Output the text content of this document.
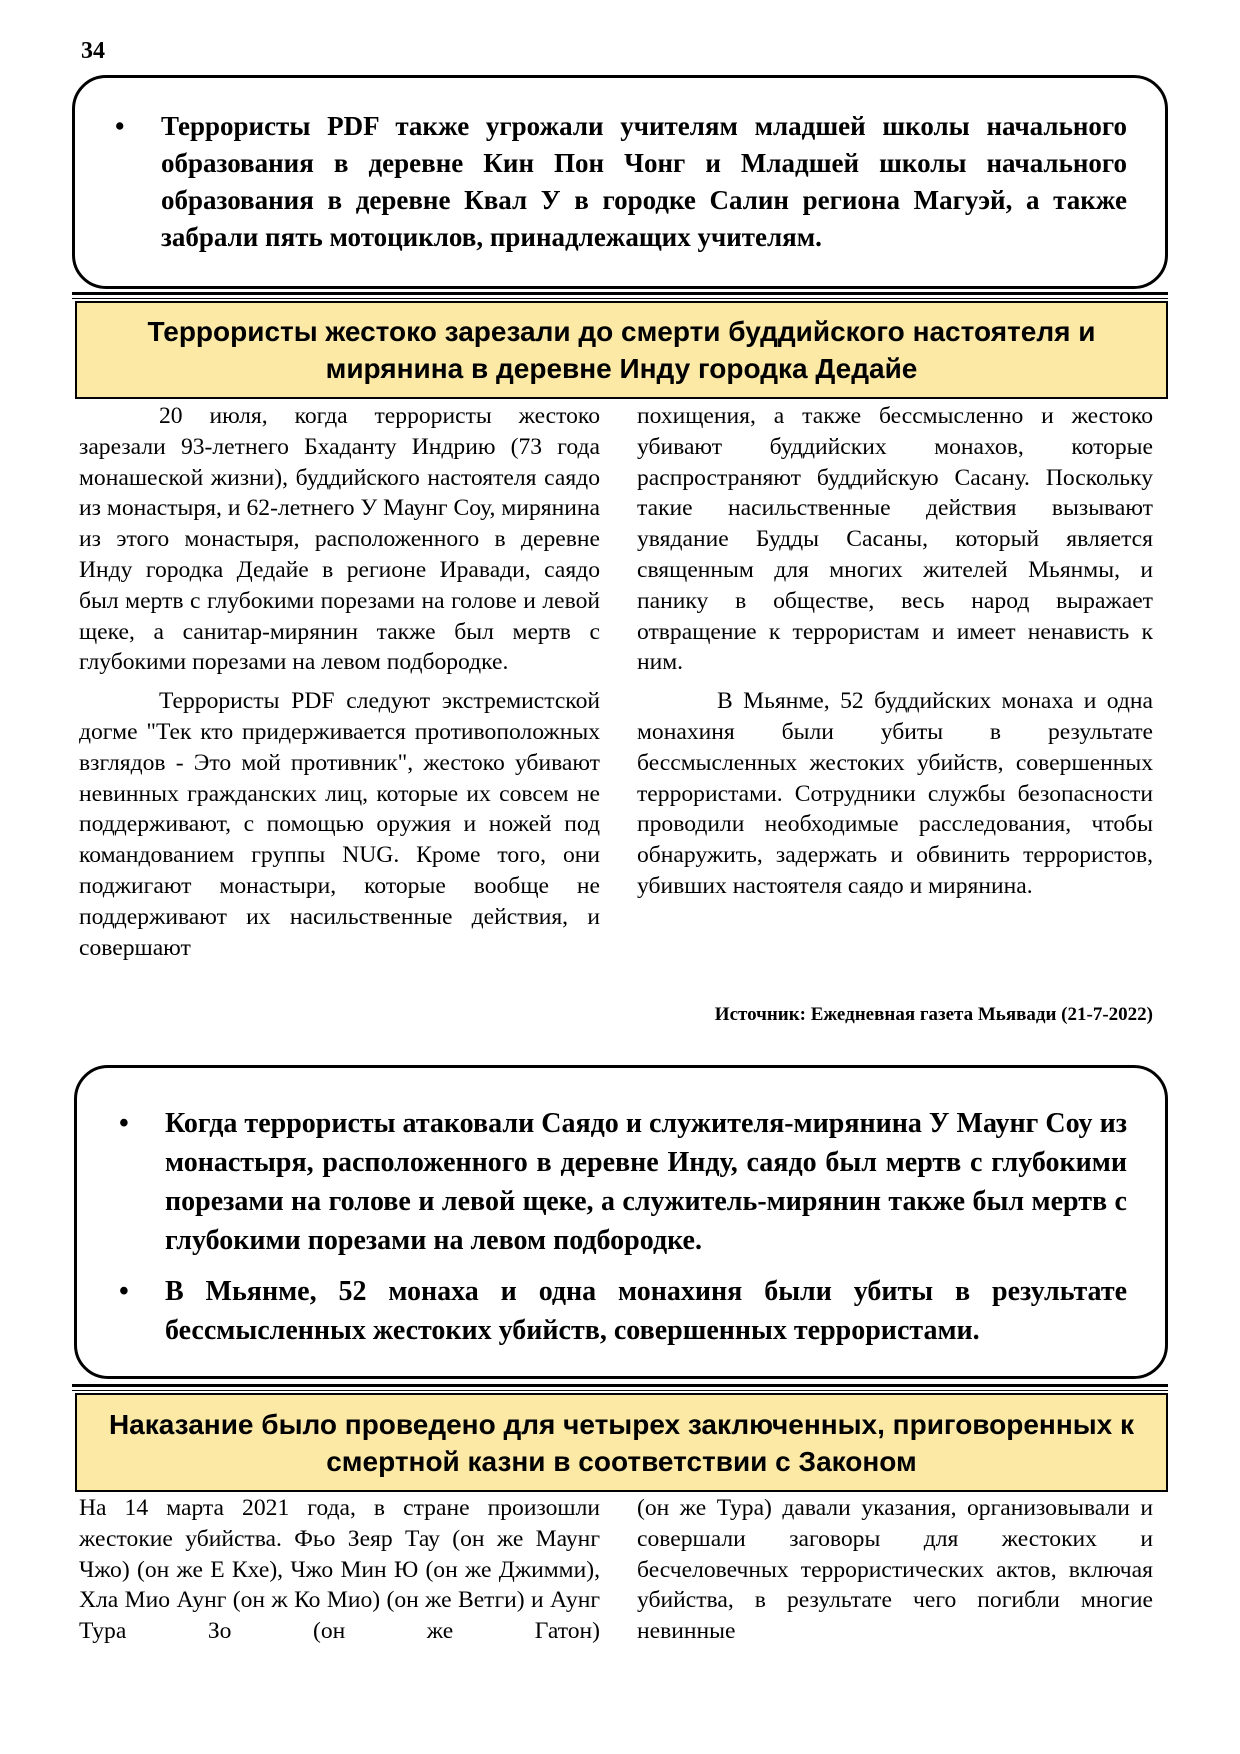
34
• Террористы PDF также угрожали учителям младшей школы начального образования в деревне Кин Пон Чонг и Младшей школы начального образования в деревне Квал У в городке Салин региона Магуэй, а также забрали пять мотоциклов, принадлежащих учителям.
Террористы жестоко зарезали до смерти буддийского настоятеля и мирянина в деревне Инду городка Дедайе

20 июля, когда террористы жестоко зарезали 93-летнего Бхаданту Индрию (73 года монашеской жизни), буддийского настоятеля саядо из монастыря, и 62-летнего У Маунг Соу, мирянина из этого монастыря, расположенного в деревне Инду городка Дедайе в регионе Иравади, саядо был мертв с глубокими порезами на голове и левой щеке, а санитар-мирянин также был мертв с глубокими порезами на левом подбородке.

Террористы PDF следуют экстремистской догме "Тек кто придерживается противоположных взглядов - Это мой противник", жестоко убивают невинных гражданских лиц, которые их совсем не поддерживают, с помощью оружия и ножей под командованием группы NUG. Кроме того, они поджигают монастыри, которые вообще не поддерживают их насильственные действия, и совершают

похищения, а также бессмысленно и жестоко убивают буддийских монахов, которые распространяют буддийскую Сасану. Поскольку такие насильственные действия вызывают увядание Будды Сасаны, который является священным для многих жителей Мьянмы, и панику в обществе, весь народ выражает отвращение к террористам и имеет ненависть к ним.

В Мьянме, 52 буддийских монаха и одна монахиня были убиты в результате бессмысленных жестоких убийств, совершенных террористами. Сотрудники службы безопасности проводили необходимые расследования, чтобы обнаружить, задержать и обвинить террористов, убивших настоятеля саядо и мирянина.

Источник: Ежедневная газета Мьявади (21-7-2022)
• Когда террористы атаковали Саядо и служителя-мирянина У Маунг Соу из монастыря, расположенного в деревне Инду, саядо был мертв с глубокими порезами на голове и левой щеке, а служитель-мирянин также был мертв с глубокими порезами на левом подбородке.
• В Мьянме, 52 монаха и одна монахиня были убиты в результате бессмысленных жестоких убийств, совершенных террористами.
Наказание было проведено для четырех заключенных, приговоренных к смертной казни в соответствии с Законом

На 14 марта 2021 года, в стране произошли жестокие убийства. Фьо Зеяр Тау (он же Маунг Чжо) (он же Е Кхе), Чжо Мин Ю (он же Джимми), Хла Мио Аунг (он ж Ко Мио) (он же Ветги) и Аунг Тура Зо (он же Гатон)

(он же Тура) давали указания, организовывали и совершали заговоры для жестоких и бесчеловечных террористических актов, включая убийства, в результате чего погибли многие невинные
